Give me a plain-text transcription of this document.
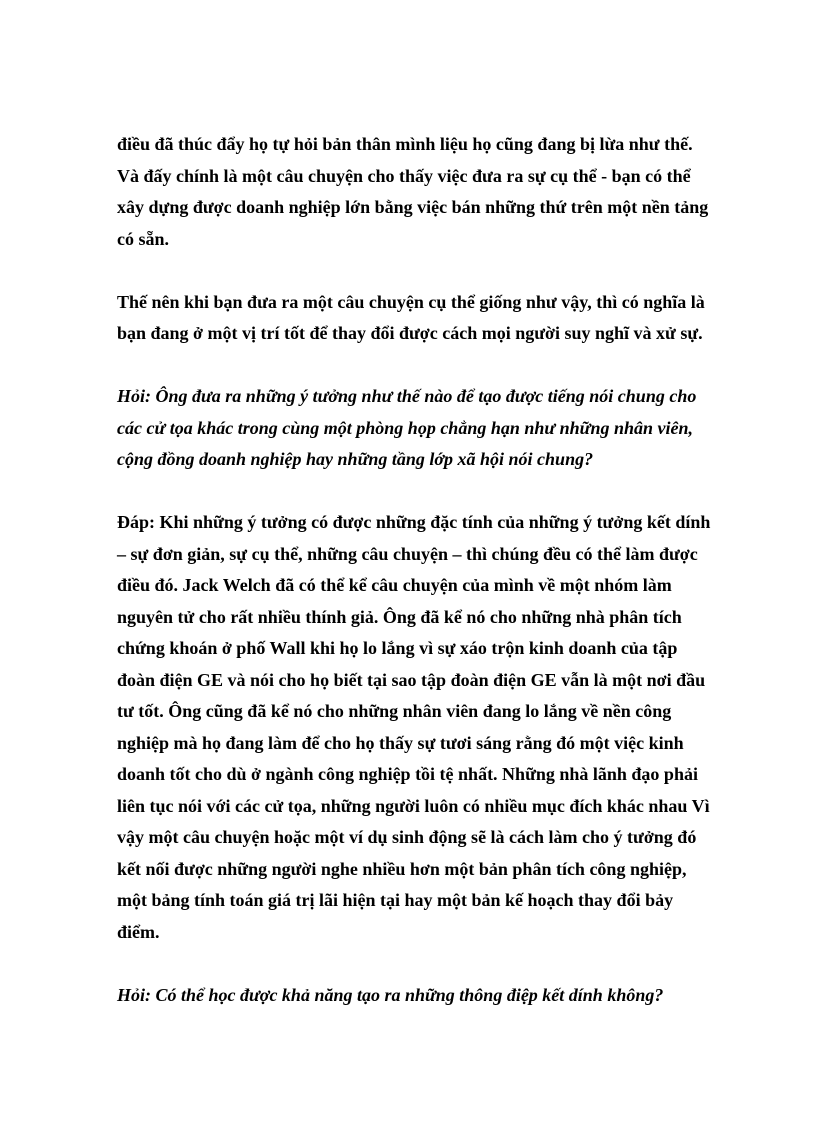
điều đã thúc đẩy họ tự hỏi bản thân mình liệu họ cũng đang bị lừa như thế.
Và đấy chính là một câu chuyện cho thấy việc đưa ra sự cụ thể - bạn có thể
xây dựng được doanh nghiệp lớn bằng việc bán những thứ trên một nền tảng
có sẵn.
Thế nên khi bạn đưa ra một câu chuyện cụ thể giống như vậy, thì có nghĩa là
bạn đang ở một vị trí tốt để thay đổi được cách mọi người suy nghĩ và xử sự.
Hỏi: Ông đưa ra những ý tưởng như thế nào để tạo được tiếng nói chung cho
các cử tọa khác trong cùng một phòng họp chẳng hạn như những nhân viên,
cộng đồng doanh nghiệp hay những tầng lớp xã hội nói chung?
Đáp: Khi những ý tưởng có được những đặc tính của những ý tưởng kết dính
– sự đơn giản, sự cụ thể, những câu chuyện – thì chúng đều có thể làm được
điều đó. Jack Welch đã có thể kể câu chuyện của mình về một nhóm làm
nguyên tử cho rất nhiều thính giả. Ông đã kể nó cho những nhà phân tích
chứng khoán ở phố Wall khi họ lo lắng vì sự xáo trộn kinh doanh của tập
đoàn điện GE và nói cho họ biết tại sao tập đoàn điện GE vẫn là một nơi đầu
tư tốt. Ông cũng đã kể nó cho những nhân viên đang lo lắng về nền công
nghiệp mà họ đang làm để cho họ thấy sự tươi sáng rằng đó một việc kinh
doanh tốt cho dù ở ngành công nghiệp tồi tệ nhất. Những nhà lãnh đạo phải
liên tục nói với các cử tọa, những người luôn có nhiều mục đích khác nhau Vì
vậy một câu chuyện hoặc một ví dụ sinh động sẽ là cách làm cho ý tưởng đó
kết nối được những người nghe nhiều hơn một bản phân tích công nghiệp,
một bảng tính toán giá trị lãi hiện tại hay một bản kế hoạch thay đổi bảy
điểm.
Hỏi: Có thể học được khả năng tạo ra những thông điệp kết dính không?
